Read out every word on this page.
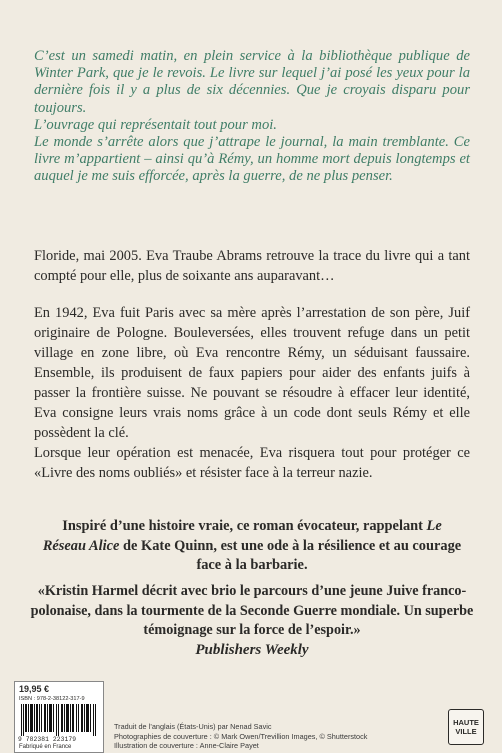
C’est un samedi matin, en plein service à la bibliothèque publique de Winter Park, que je le revois. Le livre sur lequel j’ai posé les yeux pour la dernière fois il y a plus de six décennies. Que je croyais disparu pour toujours.

L’ouvrage qui représentait tout pour moi.

Le monde s’arrête alors que j’attrape le journal, la main tremblante. Ce livre m’appartient – ainsi qu’à Rémy, un homme mort depuis longtemps et auquel je me suis efforcée, après la guerre, de ne plus penser.

Floride, mai 2005. Eva Traube Abrams retrouve la trace du livre qui a tant compté pour elle, plus de soixante ans auparavant…

En 1942, Eva fuit Paris avec sa mère après l’arrestation de son père, Juif originaire de Pologne. Bouleversées, elles trouvent refuge dans un petit village en zone libre, où Eva rencontre Rémy, un séduisant faussaire. Ensemble, ils produisent de faux papiers pour aider des enfants juifs à passer la frontière suisse. Ne pouvant se résoudre à effacer leur identité, Eva consigne leurs vrais noms grâce à un code dont seuls Rémy et elle possèdent la clé.

Lorsque leur opération est menacée, Eva risquera tout pour protéger ce «Livre des noms oubliés» et résister face à la terreur nazie.

Inspiré d’une histoire vraie, ce roman évocateur, rappelant Le Réseau Alice de Kate Quinn, est une ode à la résilience et au courage face à la barbarie.
«Kristin Harmel décrit avec brio le parcours d’une jeune Juive franco-polonaise, dans la tourmente de la Seconde Guerre mondiale. Un superbe témoignage sur la force de l’espoir.»
Publishers Weekly
19,95 €
ISBN : 978-2-38122-317-9
9 782381 223179
Fabriqué en France
Traduit de l’anglais (États-Unis) par Nenad Savic
Photographies de couverture : © Mark Owen/Trevillion Images, © Shutterstock
Illustration de couverture : Anne-Claire Payet
HAUTE
VILLE
